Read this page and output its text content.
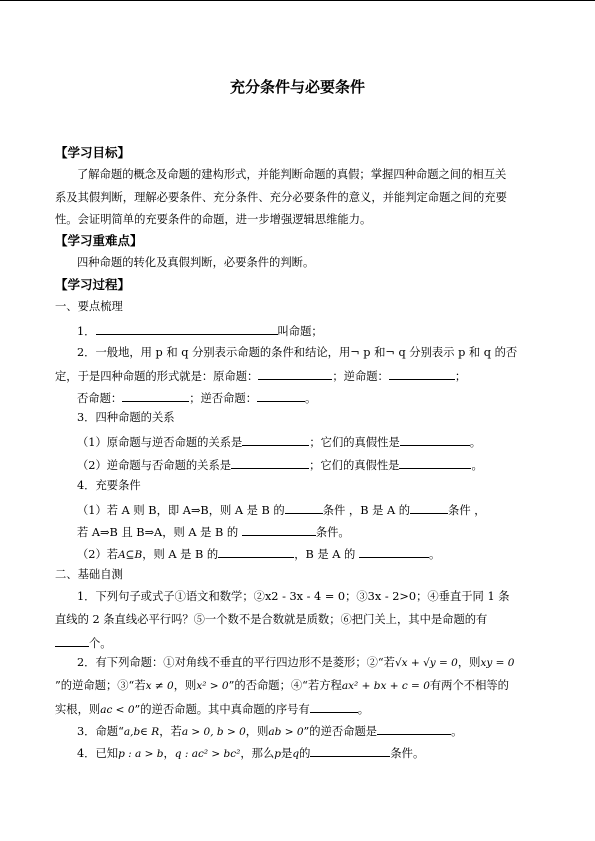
充分条件与必要条件
【学习目标】
了解命题的概念及命题的建构形式，并能判断命题的真假；掌握四种命题之间的相互关
系及其假判断，理解必要条件、充分条件、充分必要条件的意义，并能判定命题之间的充要
性。会证明简单的充要条件的命题，进一步增强逻辑思维能力。
【学习重难点】
四种命题的转化及真假判断，必要条件的判断。
【学习过程】
一、要点梳理
1．	叫命题；
2．一般地，用 p 和 q 分别表示命题的条件和结论，用¬ p 和¬ q 分别表示 p 和 q 的否
定，于是四种命题的形式就是：原命题：	；逆命题：	；
否命题：	；逆否命题：	。
3．四种命题的关系
（1）原命题与逆否命题的关系是	；它们的真假性是	。
（2）逆命题与否命题的关系是	；它们的真假性是	。
4．充要条件
（1）若 A 则 B，即 A⇒B，则 A 是 B 的	条件 ，B 是 A 的	条件 ，
若 A⇒B 且 B⇒A，则 A 是 B 的	条件。
（2）若A⊆B，则 A 是 B 的	，B 是 A 的	。
二、基础自测
1．下列句子或式子①语文和数学；②x2 - 3x - 4 = 0；③3x - 2>0；④垂直于同 1 条
直线的 2 条直线必平行吗？⑤一个数不是合数就是质数；⑥把门关上，其中是命题的有
个。
2．有下列命题：①对角线不垂直的平行四边形不是菱形；②“若√x + √y = 0，则xy = 0
”的逆命题；③“若x ≠ 0，则x² > 0”的否命题；④“若方程ax² + bx + c = 0有两个不相等的
实根，则ac < 0”的逆否命题。其中真命题的序号有	。
3．命题“a,b∈ R，若a > 0, b > 0，则ab > 0”的逆否命题是	。
4．已知p : a > b，q : ac² > bc²，那么p是q的	条件。
